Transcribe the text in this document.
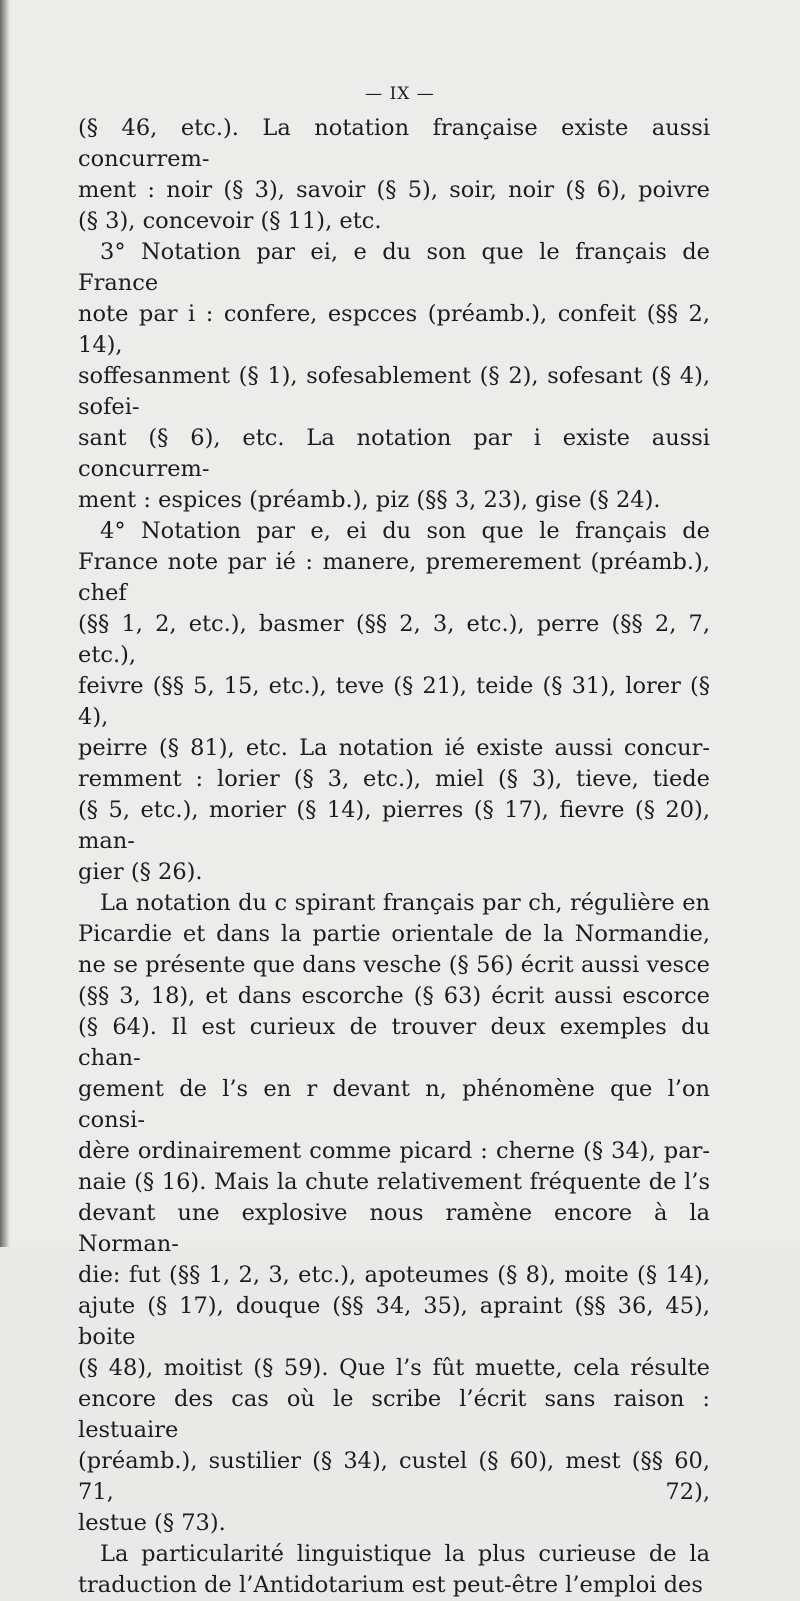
— IX —

(§ 46, etc.). La notation française existe aussi concurrem-

ment : noir (§ 3), savoir (§ 5), soir, noir (§ 6), poivre

(§ 3), concevoir (§ 11), etc.

3° Notation par ei, e du son que le français de France

note par i : confere, espcces (préamb.), confeit (§§ 2, 14),

soffesanment (§ 1), sofesablement (§ 2), sofesant (§ 4), sofei-

sant (§ 6), etc. La notation par i existe aussi concurrem-

ment : espices (préamb.), piz (§§ 3, 23), gise (§ 24).

4° Notation par e, ei du son que le français de

France note par ié : manere, premerement (préamb.), chef

(§§ 1, 2, etc.), basmer (§§ 2, 3, etc.), perre (§§ 2, 7, etc.),

feivre (§§ 5, 15, etc.), teve (§ 21), teide (§ 31), lorer (§ 4),

peirre (§ 81), etc. La notation ié existe aussi concur-

remment : lorier (§ 3, etc.), miel (§ 3), tieve, tiede

(§ 5, etc.), morier (§ 14), pierres (§ 17), fievre (§ 20), man-

gier (§ 26).

La notation du c spirant français par ch, régulière en

Picardie et dans la partie orientale de la Normandie,

ne se présente que dans vesche (§ 56) écrit aussi vesce

(§§ 3, 18), et dans escorche (§ 63) écrit aussi escorce

(§ 64). Il est curieux de trouver deux exemples du chan-

gement de l’s en r devant n, phénomène que l’on consi-

dère ordinairement comme picard : cherne (§ 34), par-

naie (§ 16). Mais la chute relativement fréquente de l’s

devant une explosive nous ramène encore à la Norman-

die: fut (§§ 1, 2, 3, etc.), apoteumes (§ 8), moite (§ 14),

ajute (§ 17), douque (§§ 34, 35), apraint (§§ 36, 45), boite

(§ 48), moitist (§ 59). Que l’s fût muette, cela résulte

encore des cas où le scribe l’écrit sans raison : lestuaire

(préamb.), sustilier (§ 34), custel (§ 60), mest (§§ 60, 71, 72),

lestue (§ 73).

La particularité linguistique la plus curieuse de la

traduction de l’Antidotarium est peut-être l’emploi des
